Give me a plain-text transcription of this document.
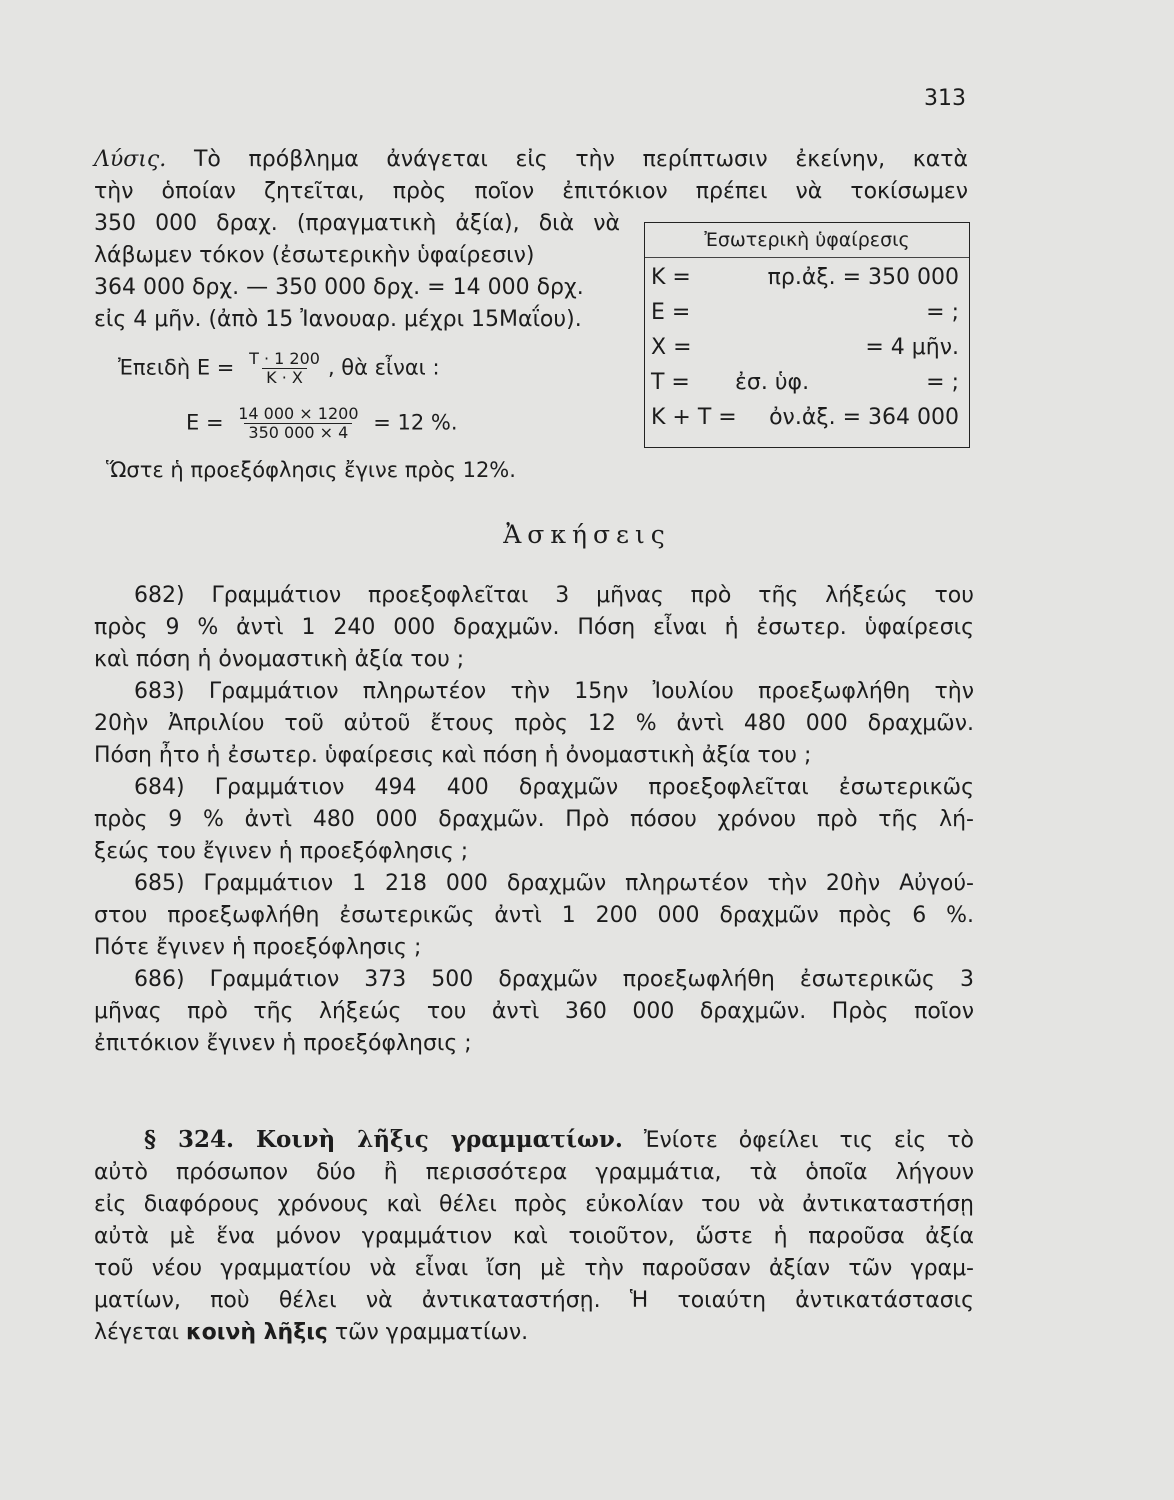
313
Λύσις. Τὸ πρόβλημα ἀνάγεται εἰς τὴν περίπτωσιν ἐκείνην, κατὰ
τὴν ὁποίαν ζητεῖται, πρὸς ποῖον ἐπιτόκιον πρέπει νὰ τοκίσωμεν
350 000 δραχ. (πραγματικὴ ἀξία), διὰ νὰ
λάβωμεν τόκον (ἐσωτερικὴν ὑφαίρεσιν)
364 000 δρχ. — 350 000 δρχ. = 14 000 δρχ.
εἰς 4 μῆν. (ἀπὸ 15 Ἰανουαρ. μέχρι 15Μαΐου).
Ἐπειδὴ $E = \frac{T \cdot 1 200}{K \cdot X}$ , θὰ εἶναι :
$E = \frac{14 000 \times 1200}{350 000 \times 4} = 12$ %.
Ὥστε ἡ προεξόφλησις ἔγινε πρὸς 12%.
Ἐσωτερικὴ ὑφαίρεσις
K =	πρ.ἀξ. = 350 000
E =	= ;
X =	= 4 μῆν.
T = ἐσ. ὑφ.	= ;
K + T = ὀν.ἀξ. = 364 000
Ἀσκήσεις
682) Γραμμάτιον προεξοφλεῖται 3 μῆνας πρὸ τῆς λήξεώς του
πρὸς 9 % ἀντὶ 1 240 000 δραχμῶν. Πόση εἶναι ἡ ἐσωτερ. ὑφαίρεσις
καὶ πόση ἡ ὀνομαστικὴ ἀξία του ;
683) Γραμμάτιον πληρωτέον τὴν 15ην Ἰουλίου προεξωφλήθη τὴν
20ὴν Ἀπριλίου τοῦ αὐτοῦ ἔτους πρὸς 12 % ἀντὶ 480 000 δραχμῶν.
Πόση ἦτο ἡ ἐσωτερ. ὑφαίρεσις καὶ πόση ἡ ὀνομαστικὴ ἀξία του ;
684) Γραμμάτιον 494 400 δραχμῶν προεξοφλεῖται ἐσωτερικῶς
πρὸς 9 % ἀντὶ 480 000 δραχμῶν. Πρὸ πόσου χρόνου πρὸ τῆς λή-
ξεώς του ἔγινεν ἡ προεξόφλησις ;
685) Γραμμάτιον 1 218 000 δραχμῶν πληρωτέον τὴν 20ὴν Αὐγού-
στου προεξωφλήθη ἐσωτερικῶς ἀντὶ 1 200 000 δραχμῶν πρὸς 6 %.
Πότε ἔγινεν ἡ προεξόφλησις ;
686) Γραμμάτιον 373 500 δραχμῶν προεξωφλήθη ἐσωτερικῶς 3
μῆνας πρὸ τῆς λήξεώς του ἀντὶ 360 000 δραχμῶν. Πρὸς ποῖον
ἐπιτόκιον ἔγινεν ἡ προεξόφλησις ;
§ 324. Κοινὴ λῆξις γραμματίων. Ἐνίοτε ὀφείλει τις εἰς τὸ
αὐτὸ πρόσωπον δύο ἢ περισσότερα γραμμάτια, τὰ ὁποῖα λήγουν
εἰς διαφόρους χρόνους καὶ θέλει πρὸς εὐκολίαν του νὰ ἀντικαταστήσῃ
αὐτὰ μὲ ἕνα μόνον γραμμάτιον καὶ τοιοῦτον, ὥστε ἡ παροῦσα ἀξία
τοῦ νέου γραμματίου νὰ εἶναι ἴση μὲ τὴν παροῦσαν ἀξίαν τῶν γραμ-
ματίων, ποὺ θέλει νὰ ἀντικαταστήσῃ. Ἡ τοιαύτη ἀντικατάστασις
λέγεται κοινὴ λῆξις τῶν γραμματίων.
